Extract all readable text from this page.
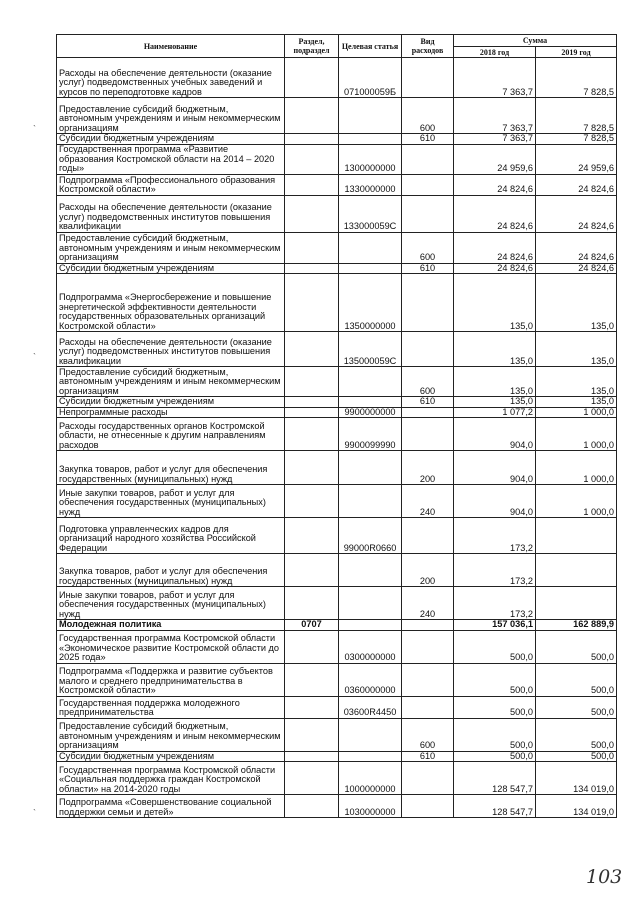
Наименование	Раздел, подраздел	Целевая статья	Вид расходов	Сумма	
				2018 год	2019 год
Расходы на обеспечение деятельности (оказание услуг) подведомственных учебных заведений и курсов по переподготовке кадров		071000059Б		7 363,7	7 828,5
Предоставление субсидий бюджетным, автономным учреждениям и иным некоммерческим организациям			600	7 363,7	7 828,5
Субсидии бюджетным учреждениям			610	7 363,7	7 828,5
Государственная программа «Развитие образования Костромской области на 2014 – 2020 годы»		1300000000		24 959,6	24 959,6
Подпрограмма «Профессионального образования Костромской области»		1330000000		24 824,6	24 824,6
Расходы на обеспечение деятельности (оказание услуг) подведомственных институтов повышения квалификации		133000059С		24 824,6	24 824,6
Предоставление субсидий бюджетным, автономным учреждениям и иным некоммерческим организациям			600	24 824,6	24 824,6
Субсидии бюджетным учреждениям			610	24 824,6	24 824,6
Подпрограмма «Энергосбережение и повышение энергетической эффективности деятельности государственных образовательных организаций Костромской области»		1350000000		135,0	135,0
Расходы на обеспечение деятельности (оказание услуг) подведомственных институтов повышения квалификации		135000059С		135,0	135,0
Предоставление субсидий бюджетным, автономным учреждениям и иным некоммерческим организациям			600	135,0	135,0
Субсидии бюджетным учреждениям			610	135,0	135,0
Непрограммные расходы		9900000000		1 077,2	1 000,0
Расходы государственных органов Костромской области, не отнесенные к другим направлениям расходов		9900099990		904,0	1 000,0
Закупка товаров, работ и услуг для обеспечения государственных (муниципальных) нужд			200	904,0	1 000,0
Иные закупки товаров, работ и услуг для обеспечения государственных (муниципальных) нужд			240	904,0	1 000,0
Подготовка управленческих кадров для организаций народного хозяйства Российской Федерации		99000R0660		173,2	
Закупка товаров, работ и услуг для обеспечения государственных (муниципальных) нужд			200	173,2	
Иные закупки товаров, работ и услуг для обеспечения государственных (муниципальных) нужд			240	173,2	
Молодежная политика	0707			157 036,1	162 889,9
Государственная программа Костромской области «Экономическое развитие Костромской области до 2025 года»		0300000000		500,0	500,0
Подпрограмма «Поддержка и развитие субъектов малого и среднего предпринимательства в Костромской области»		0360000000		500,0	500,0
Государственная поддержка молодежного предпринимательства		03600R4450		500,0	500,0
Предоставление субсидий бюджетным, автономным учреждениям и иным некоммерческим организациям			600	500,0	500,0
Субсидии бюджетным учреждениям			610	500,0	500,0
Государственная программа Костромской области «Социальная поддержка граждан Костромской области» на 2014-2020 годы		1000000000		128 547,7	134 019,0
Подпрограмма «Совершенствование социальной поддержки семьи и детей»		1030000000		128 547,7	134 019,0
`
`
`
103
